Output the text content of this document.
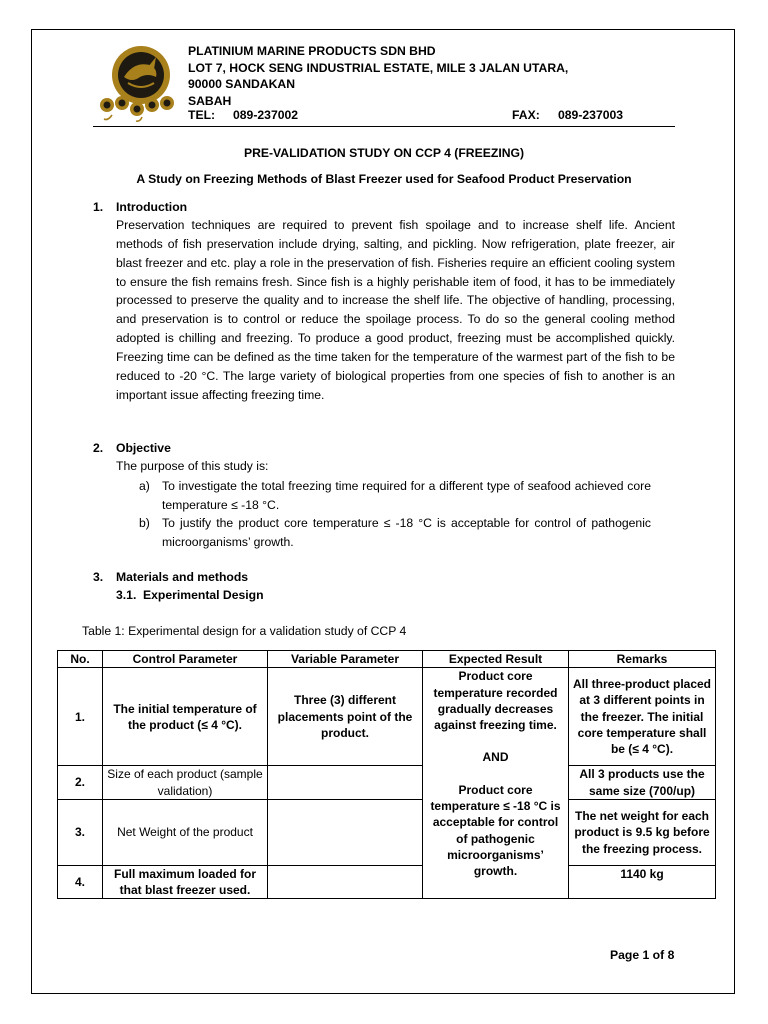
PLATINIUM MARINE PRODUCTS SDN BHD
LOT 7, HOCK SENG INDUSTRIAL ESTATE, MILE 3 JALAN UTARA,
90000 SANDAKAN
SABAH
TEL: 089-237002	FAX: 089-237003
PRE-VALIDATION STUDY ON CCP 4 (FREEZING)
A Study on Freezing Methods of Blast Freezer used for Seafood Product Preservation
1. Introduction

Preservation techniques are required to prevent fish spoilage and to increase shelf life. Ancient methods of fish preservation include drying, salting, and pickling. Now refrigeration, plate freezer, air blast freezer and etc. play a role in the preservation of fish. Fisheries require an efficient cooling system to ensure the fish remains fresh. Since fish is a highly perishable item of food, it has to be immediately processed to preserve the quality and to increase the shelf life. The objective of handling, processing, and preservation is to control or reduce the spoilage process. To do so the general cooling method adopted is chilling and freezing. To produce a good product, freezing must be accomplished quickly. Freezing time can be defined as the time taken for the temperature of the warmest part of the fish to be reduced to -20 °C. The large variety of biological properties from one species of fish to another is an important issue affecting freezing time.

2. Objective
The purpose of this study is:
a) To investigate the total freezing time required for a different type of seafood achieved core temperature ≤ -18 °C.
b) To justify the product core temperature ≤ -18 °C is acceptable for control of pathogenic microorganisms’ growth.
3. Materials and methods
3.1. Experimental Design
Table 1: Experimental design for a validation study of CCP 4
No.	Control Parameter	Variable Parameter	Expected Result	Remarks
1.	The initial temperature of the product (≤ 4 °C).	Three (3) different placements point of the product.	Product core temperature recorded gradually decreases against freezing time.
AND
Product core temperature ≤ -18 °C is acceptable for control of pathogenic microorganisms’ growth.	All three-product placed at 3 different points in the freezer. The initial core temperature shall be (≤ 4 °C).
2.	Size of each product (sample validation)			All 3 products use the same size (700/up)
3.	Net Weight of the product			The net weight for each product is 9.5 kg before the freezing process.
4.	Full maximum loaded for that blast freezer used.			1140 kg
Page 1 of 8
